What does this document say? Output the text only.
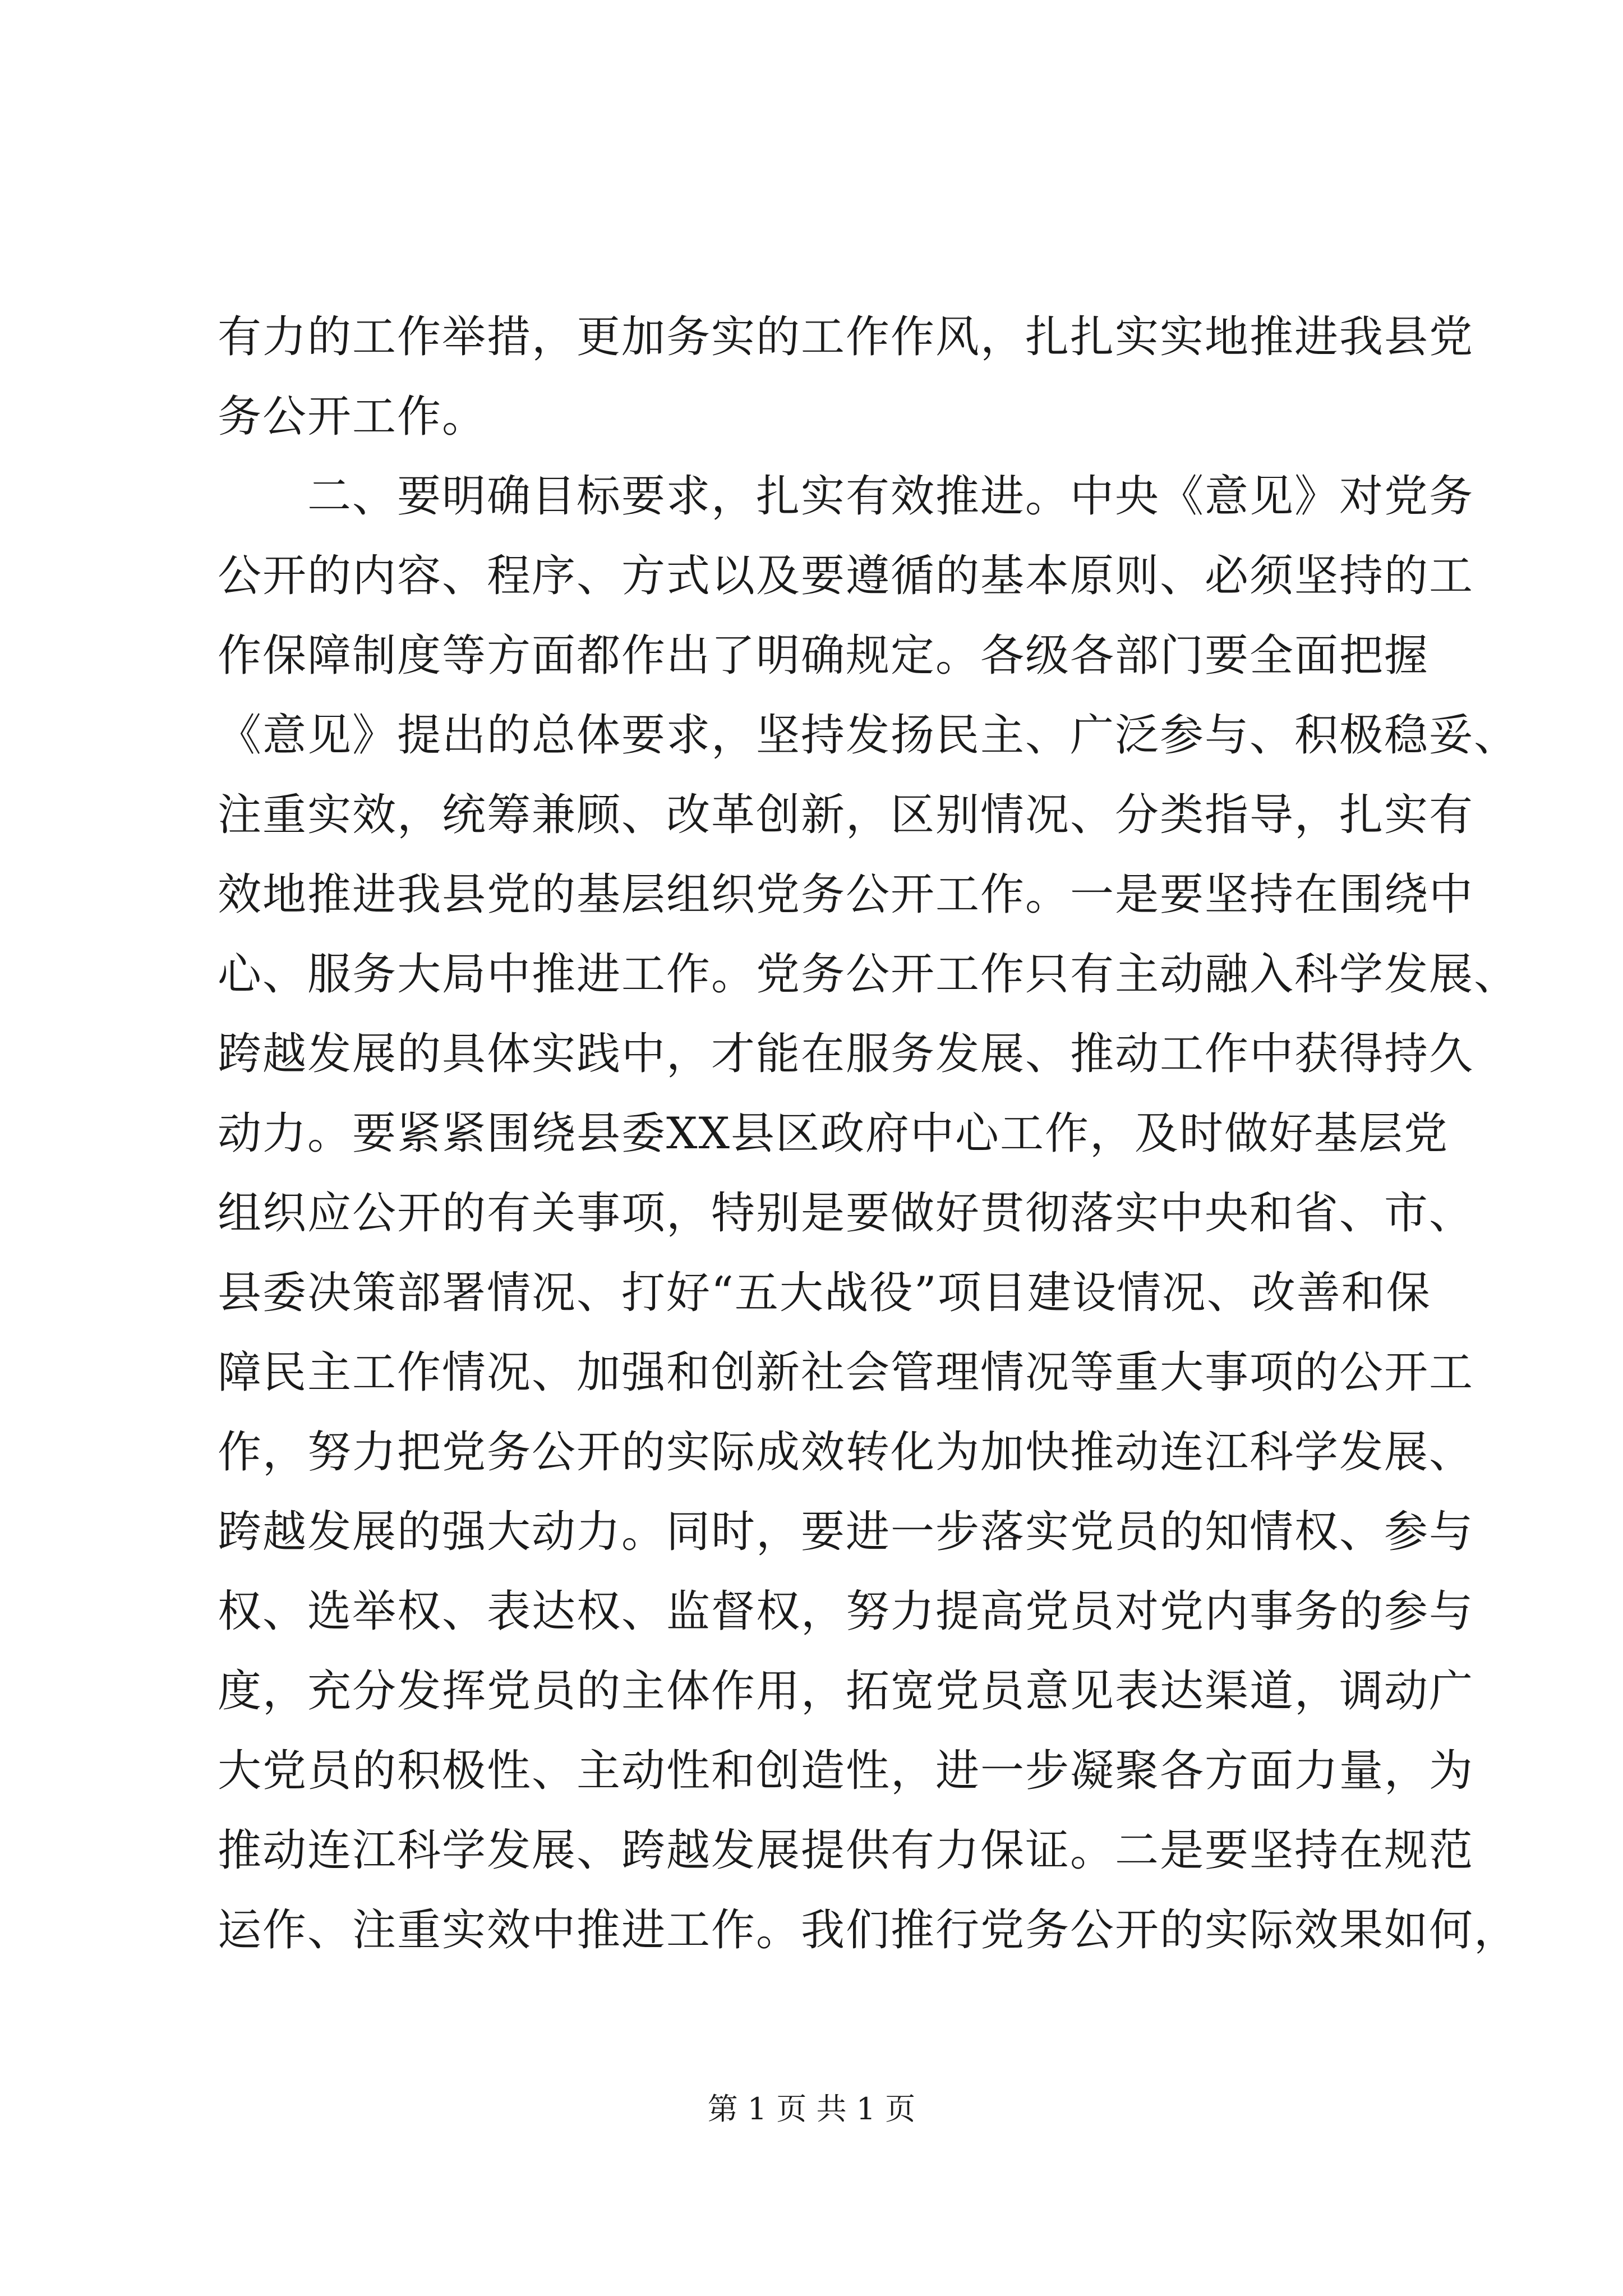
有力的工作举措，更加务实的工作作风，扎扎实实地推进我县党
务公开工作。
二、要明确目标要求，扎实有效推进。中央《意见》对党务
公开的内容、程序、方式以及要遵循的基本原则、必须坚持的工
作保障制度等方面都作出了明确规定。各级各部门要全面把握
《意见》提出的总体要求，坚持发扬民主、广泛参与、积极稳妥、
注重实效，统筹兼顾、改革创新，区别情况、分类指导，扎实有
效地推进我县党的基层组织党务公开工作。一是要坚持在围绕中
心、服务大局中推进工作。党务公开工作只有主动融入科学发展、
跨越发展的具体实践中，才能在服务发展、推动工作中获得持久
动力。要紧紧围绕县委XX县区政府中心工作，及时做好基层党
组织应公开的有关事项，特别是要做好贯彻落实中央和省、市、
县委决策部署情况、打好“五大战役”项目建设情况、改善和保
障民主工作情况、加强和创新社会管理情况等重大事项的公开工
作，努力把党务公开的实际成效转化为加快推动连江科学发展、
跨越发展的强大动力。同时，要进一步落实党员的知情权、参与
权、选举权、表达权、监督权，努力提高党员对党内事务的参与
度，充分发挥党员的主体作用，拓宽党员意见表达渠道，调动广
大党员的积极性、主动性和创造性，进一步凝聚各方面力量，为
推动连江科学发展、跨越发展提供有力保证。二是要坚持在规范
运作、注重实效中推进工作。我们推行党务公开的实际效果如何，
第 1 页 共 1 页
